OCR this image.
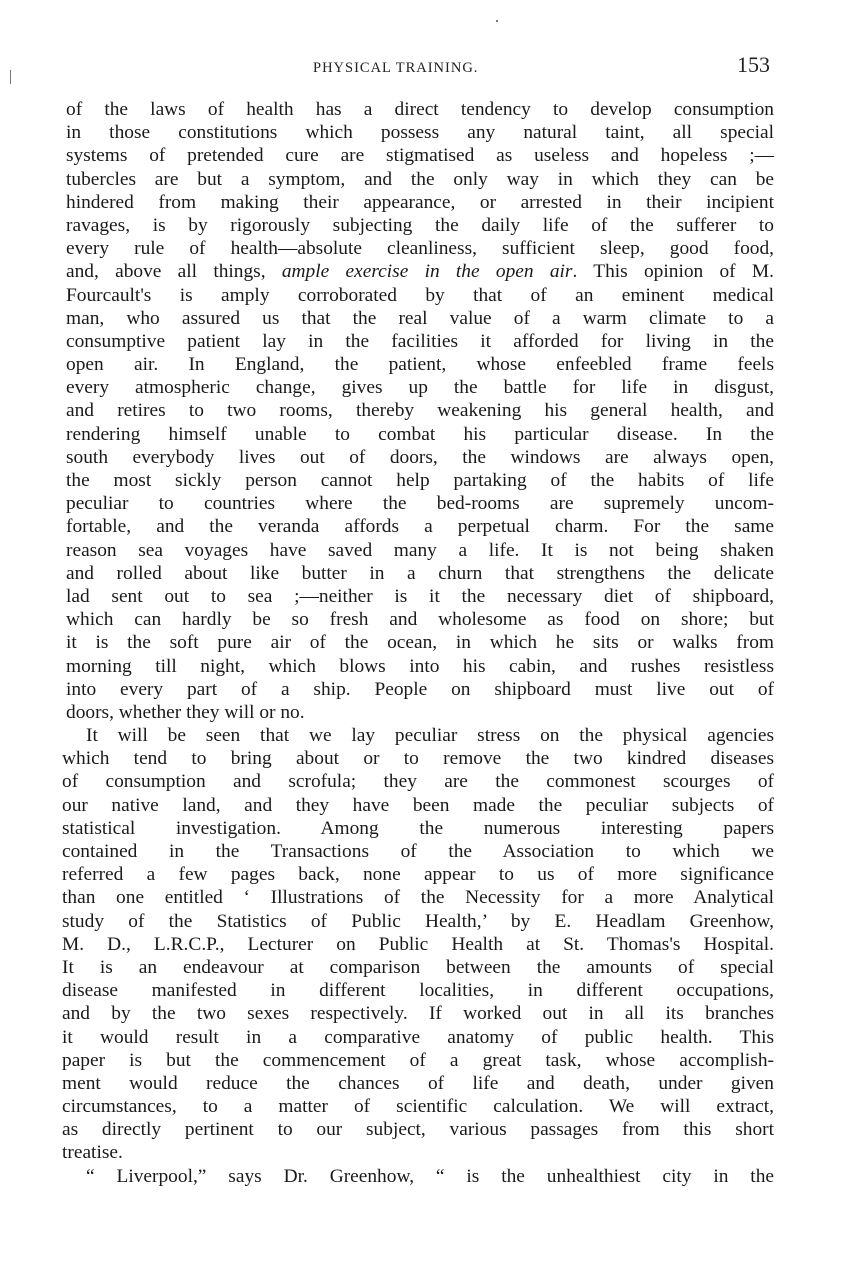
PHYSICAL TRAINING.	153
of the laws of health has a direct tendency to develop consumption
in those constitutions which possess any natural taint, all special
systems of pretended cure are stigmatised as useless and hopeless ;—
tubercles are but a symptom, and the only way in which they can be
hindered from making their appearance, or arrested in their incipient
ravages, is by rigorously subjecting the daily life of the sufferer to
every rule of health—absolute cleanliness, sufficient sleep, good food,
and, above all things, ample exercise in the open air. This opinion of M.
Fourcault's is amply corroborated by that of an eminent medical
man, who assured us that the real value of a warm climate to a
consumptive patient lay in the facilities it afforded for living in the
open air. In England, the patient, whose enfeebled frame feels
every atmospheric change, gives up the battle for life in disgust,
and retires to two rooms, thereby weakening his general health, and
rendering himself unable to combat his particular disease. In the
south everybody lives out of doors, the windows are always open,
the most sickly person cannot help partaking of the habits of life
peculiar to countries where the bed-rooms are supremely uncom-
fortable, and the veranda affords a perpetual charm. For the same
reason sea voyages have saved many a life. It is not being shaken
and rolled about like butter in a churn that strengthens the delicate
lad sent out to sea ;—neither is it the necessary diet of shipboard,
which can hardly be so fresh and wholesome as food on shore; but
it is the soft pure air of the ocean, in which he sits or walks from
morning till night, which blows into his cabin, and rushes resistless
into every part of a ship. People on shipboard must live out of
doors, whether they will or no.
It will be seen that we lay peculiar stress on the physical agencies
which tend to bring about or to remove the two kindred diseases
of consumption and scrofula; they are the commonest scourges of
our native land, and they have been made the peculiar subjects of
statistical investigation. Among the numerous interesting papers
contained in the Transactions of the Association to which we
referred a few pages back, none appear to us of more significance
than one entitled ‘ Illustrations of the Necessity for a more Analytical
study of the Statistics of Public Health,’ by E. Headlam Greenhow,
M. D., L.R.C.P., Lecturer on Public Health at St. Thomas's Hospital.
It is an endeavour at comparison between the amounts of special
disease manifested in different localities, in different occupations,
and by the two sexes respectively. If worked out in all its branches
it would result in a comparative anatomy of public health. This
paper is but the commencement of a great task, whose accomplish-
ment would reduce the chances of life and death, under given
circumstances, to a matter of scientific calculation. We will extract,
as directly pertinent to our subject, various passages from this short
treatise.
“ Liverpool,” says Dr. Greenhow, “ is the unhealthiest city in the
